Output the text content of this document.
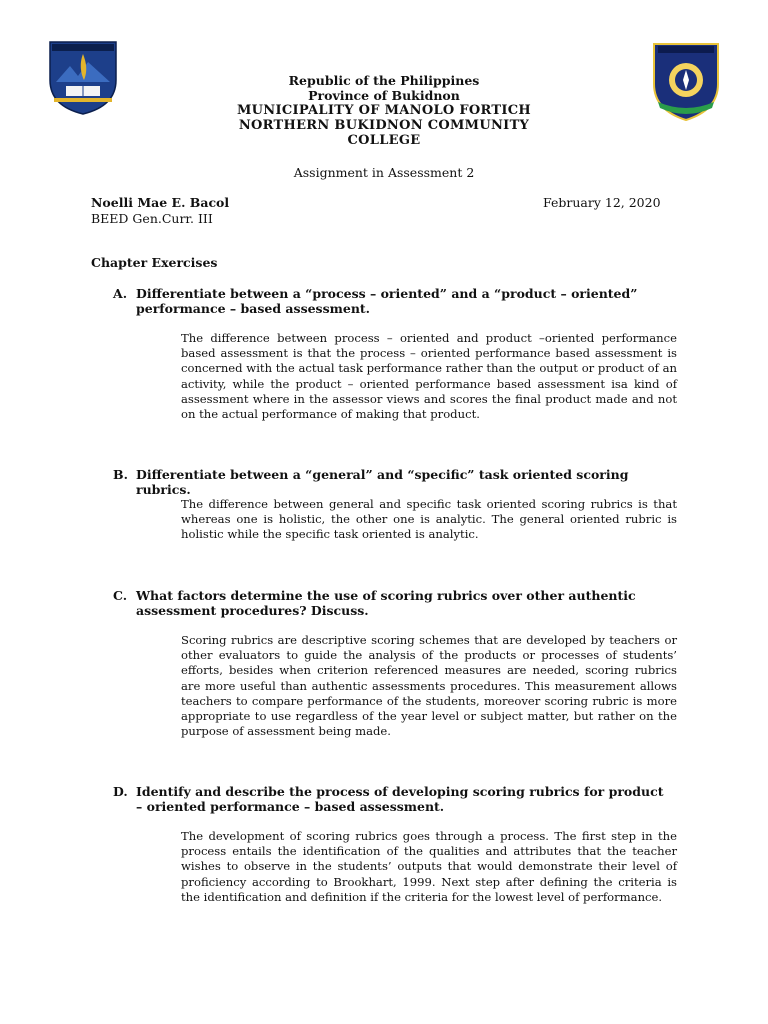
Republic of the Philippines
Province of Bukidnon
MUNICIPALITY OF MANOLO FORTICH
NORTHERN BUKIDNON COMMUNITY
COLLEGE
Assignment in Assessment 2
Noelli Mae E. Bacol
BEED Gen.Curr. III
February 12, 2020
Chapter Exercises
A. Differentiate between a “process – oriented” and a “product – oriented” performance – based assessment.
The difference between process – oriented and product –oriented performance based assessment is that the process – oriented performance based assessment is concerned with the actual task performance rather than the output or product of an activity, while the product – oriented performance based assessment isa kind of assessment where in the assessor views and scores the final product made and not on the actual performance of making that product.
B. Differentiate between a “general” and “specific” task oriented scoring rubrics.
The difference between general and specific task oriented scoring rubrics is that whereas one is holistic, the other one is analytic. The general oriented rubric is holistic while the specific task oriented is analytic.
C. What factors determine the use of scoring rubrics over other authentic assessment procedures? Discuss.
Scoring rubrics are descriptive scoring schemes that are developed by teachers or other evaluators to guide the analysis of the products or processes of students’ efforts, besides when criterion referenced measures are needed, scoring rubrics are more useful than authentic assessments procedures. This measurement allows teachers to compare performance of the students, moreover scoring rubric is more appropriate to use regardless of the year level or subject matter, but rather on the purpose of assessment being made.
D. Identify and describe the process of developing scoring rubrics for product – oriented performance – based assessment.
The development of scoring rubrics goes through a process. The first step in the process entails the identification of the qualities and attributes that the teacher wishes to observe in the students’ outputs that would demonstrate their level of proficiency according to Brookhart, 1999. Next step after defining the criteria is the identification and definition if the criteria for the lowest level of performance.
